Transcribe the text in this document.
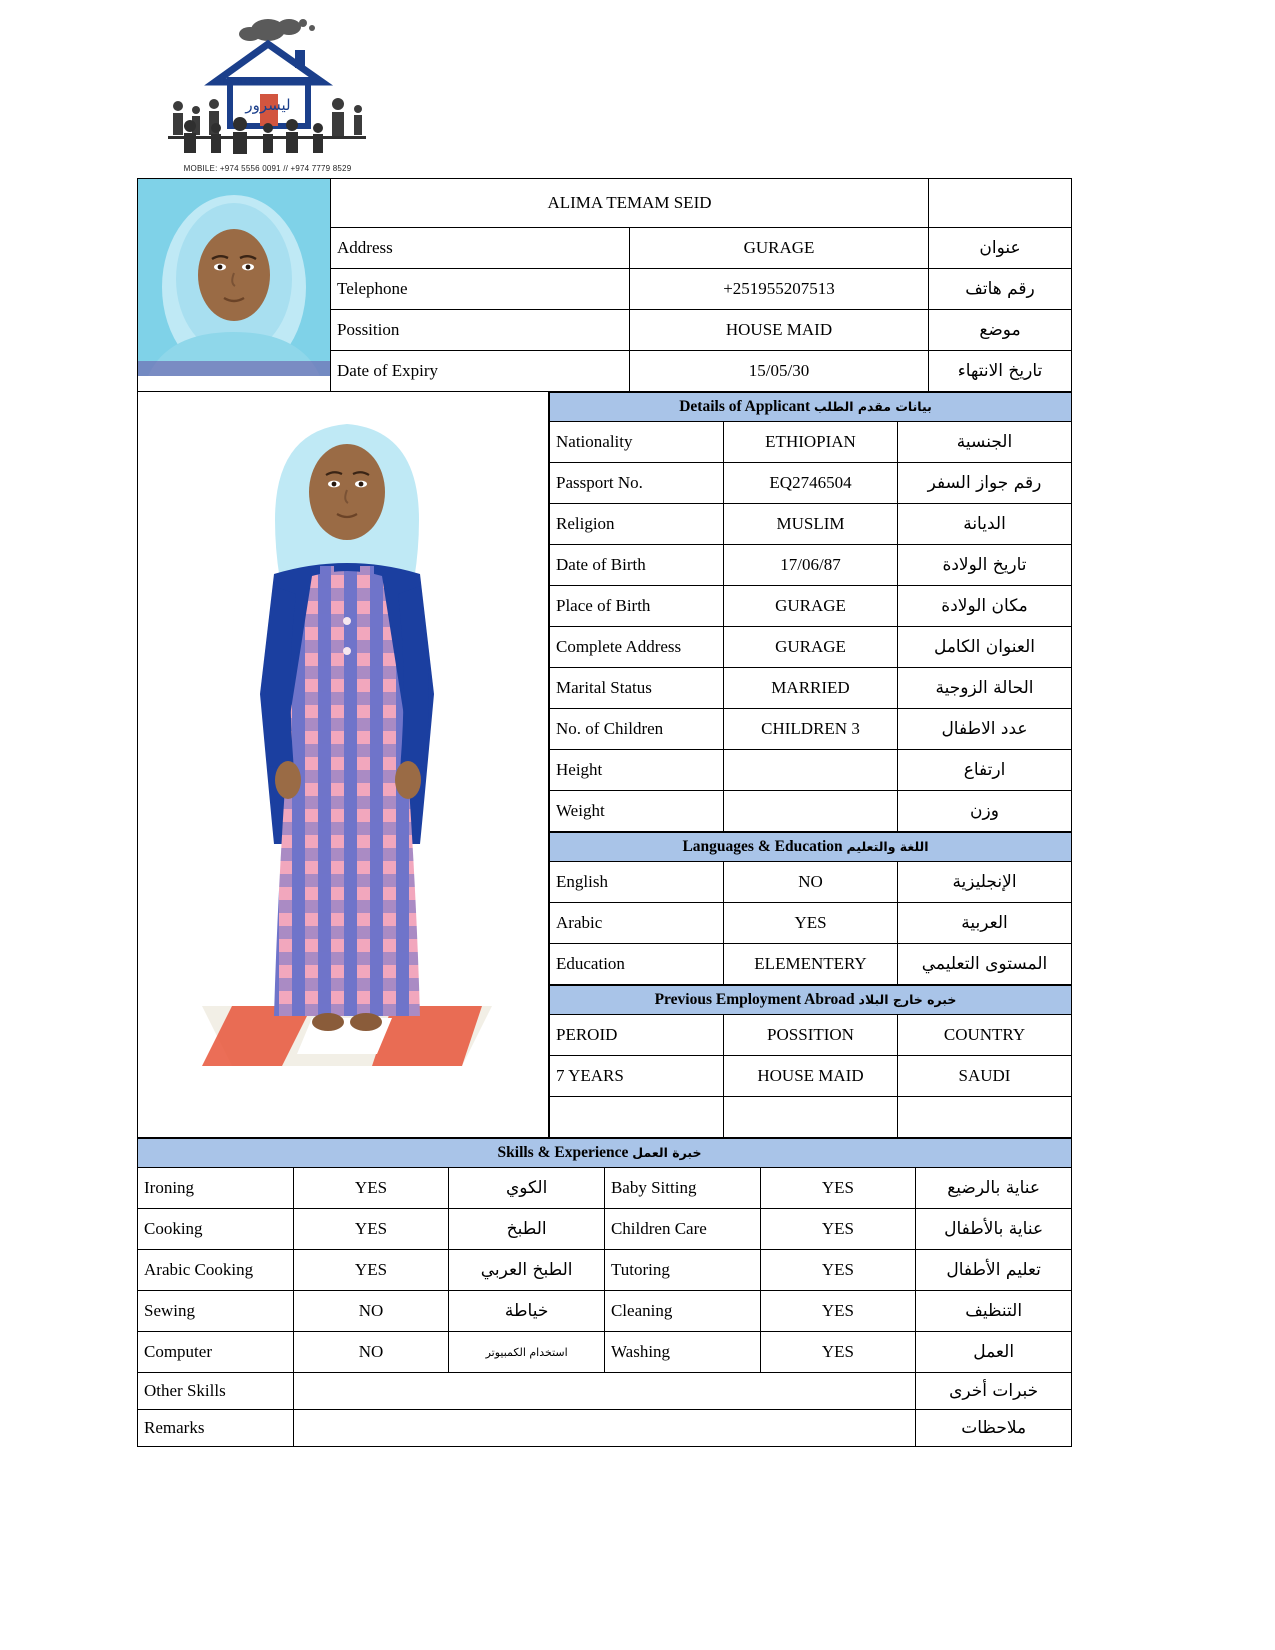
ليسرور
lisurour
MOBILE: +974 5556 0091 // +974 7779 8529
	ALIMA TEMAM SEID		
	Address	GURAGE	عنوان
	Telephone	+251955207513	رقم هاتف
	Possition	HOUSE MAID	موضع
	Date of Expiry	15/05/30	تاريخ الانتهاء
Details of Applicant بيانات مقدم الطلب		
Nationality	ETHIOPIAN	الجنسية
Passport No.	EQ2746504	رقم جواز السفر
Religion	MUSLIM	الديانة
Date of Birth	17/06/87	تاريخ الولادة
Place of Birth	GURAGE	مكان الولادة
Complete Address	GURAGE	العنوان الكامل
Marital Status	MARRIED	الحالة الزوجية
No. of Children	CHILDREN 3	عدد الاطفال
Height		ارتفاع
Weight		وزن
Languages & Education اللغة والتعليم		
English	NO	الإنجليزية
Arabic	YES	العربية
Education	ELEMENTERY	المستوى التعليمي
Previous Employment Abroad خبره خارج البلاد		
PEROID	POSSITION	COUNTRY
7 YEARS	HOUSE MAID	SAUDI

Skills & Experience خبرة العمل					
Ironing	YES	الكوي	Baby Sitting	YES	عناية بالرضيع
Cooking	YES	الطبخ	Children Care	YES	عناية بالأطفال
Arabic Cooking	YES	الطبخ العربي	Tutoring	YES	تعليم الأطفال
Sewing	NO	خياطة	Cleaning	YES	التنظيف
Computer	NO	استخدام الكمبيوتر	Washing	YES	العمل
Other Skills					خبرات أخرى
Remarks					ملاحظات
